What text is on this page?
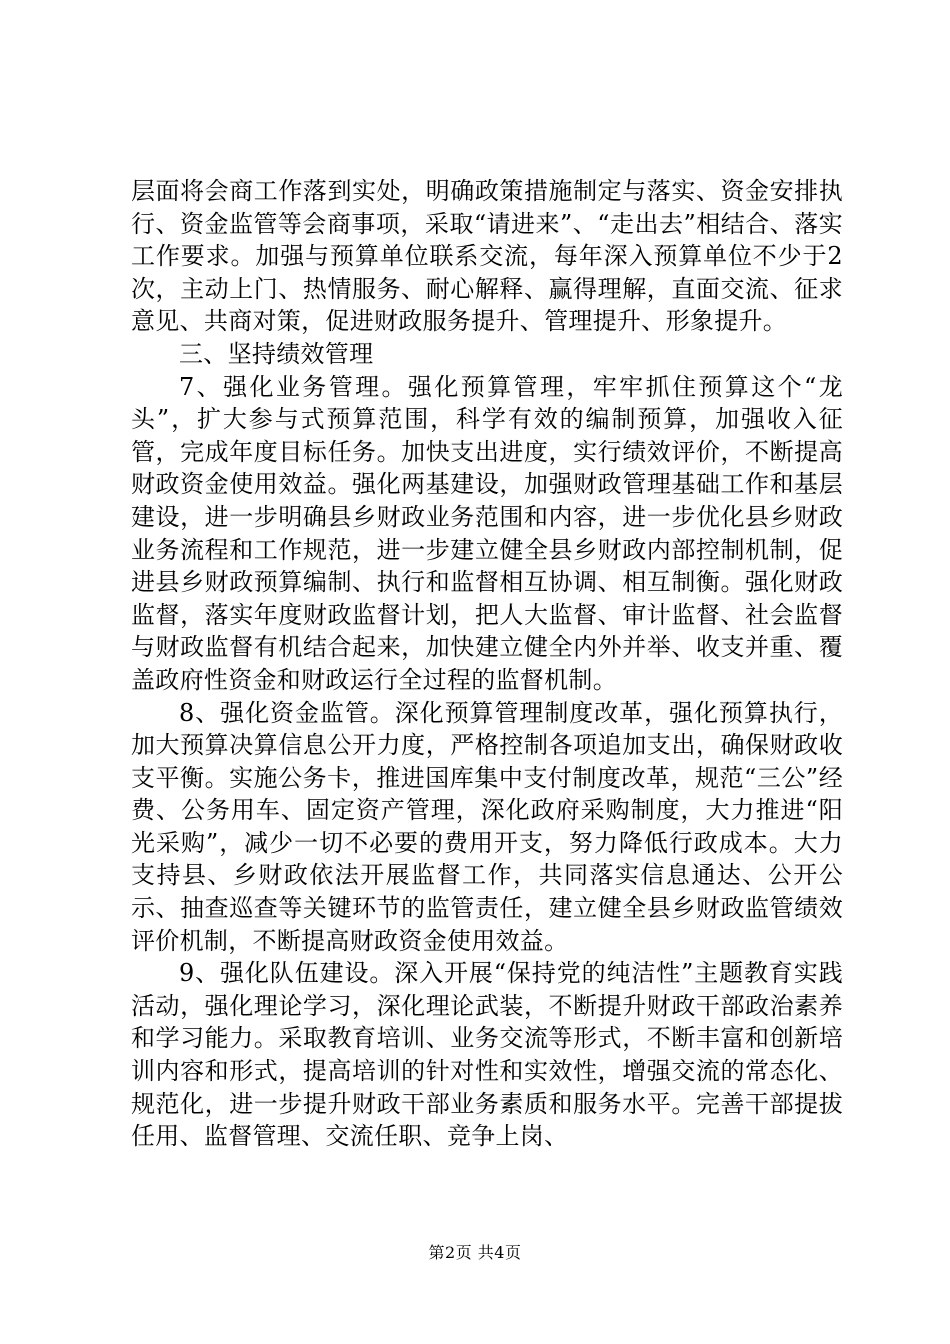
层面将会商工作落到实处，明确政策措施制定与落实、资金安排执行、资金监管等会商事项，采取“请进来”、“走出去”相结合、落实工作要求。加强与预算单位联系交流，每年深入预算单位不少于2次，主动上门、热情服务、耐心解释、赢得理解，直面交流、征求意见、共商对策，促进财政服务提升、管理提升、形象提升。

三、坚持绩效管理

7、强化业务管理。强化预算管理，牢牢抓住预算这个“龙头”，扩大参与式预算范围，科学有效的编制预算，加强收入征管，完成年度目标任务。加快支出进度，实行绩效评价，不断提高财政资金使用效益。强化两基建设，加强财政管理基础工作和基层建设，进一步明确县乡财政业务范围和内容，进一步优化县乡财政业务流程和工作规范，进一步建立健全县乡财政内部控制机制，促进县乡财政预算编制、执行和监督相互协调、相互制衡。强化财政监督，落实年度财政监督计划，把人大监督、审计监督、社会监督与财政监督有机结合起来，加快建立健全内外并举、收支并重、覆盖政府性资金和财政运行全过程的监督机制。

8、强化资金监管。深化预算管理制度改革，强化预算执行，加大预算决算信息公开力度，严格控制各项追加支出，确保财政收支平衡。实施公务卡，推进国库集中支付制度改革，规范“三公”经费、公务用车、固定资产管理，深化政府采购制度，大力推进“阳光采购”，减少一切不必要的费用开支，努力降低行政成本。大力支持县、乡财政依法开展监督工作，共同落实信息通达、公开公示、抽查巡查等关键环节的监管责任，建立健全县乡财政监管绩效评价机制，不断提高财政资金使用效益。

9、强化队伍建设。深入开展“保持党的纯洁性”主题教育实践活动，强化理论学习，深化理论武装，不断提升财政干部政治素养和学习能力。采取教育培训、业务交流等形式，不断丰富和创新培训内容和形式，提高培训的针对性和实效性，增强交流的常态化、规范化，进一步提升财政干部业务素质和服务水平。完善干部提拔任用、监督管理、交流任职、竞争上岗、

第2页 共4页
